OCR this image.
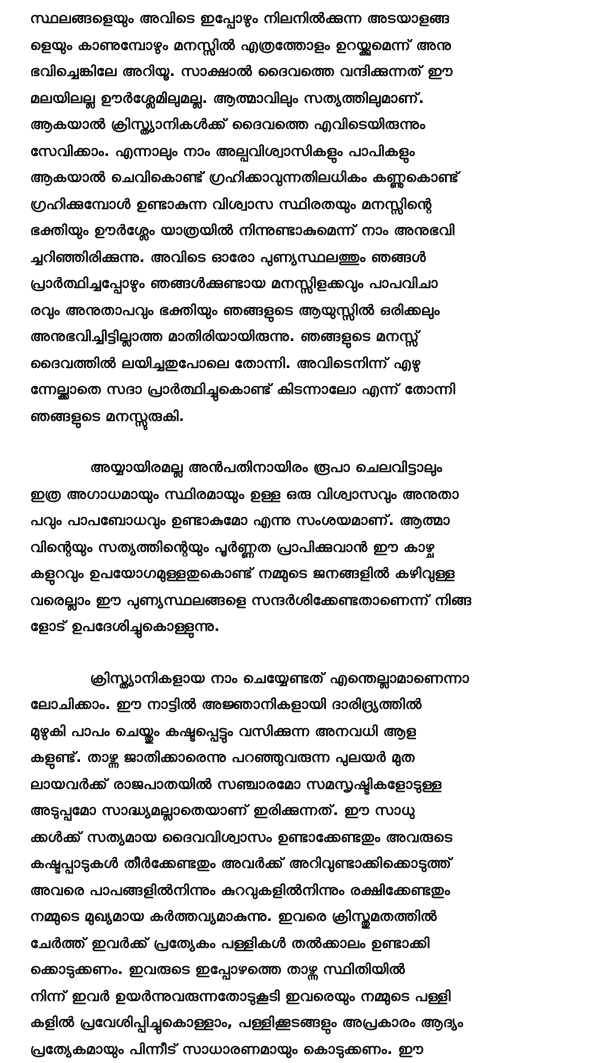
സ്ഥലങ്ങളെയും അവിടെ ഇപ്പോഴും നിലനിൽക്കുന്ന അടയാളങ്ങ
ളെയും കാണുമ്പോഴും മനസ്സിൽ എത്രത്തോളം ഉറയ്ക്കുമെന്ന് അനു
ഭവിച്ചെങ്കിലേ അറിയൂ. സാക്ഷാൽ ദൈവത്തെ വന്ദിക്കുന്നത് ഈ
മലയിലല്ല ഊർശ്ലേമിലുമല്ല. ആത്മാവിലും സത്യത്തിലുമാണ്.
ആകയാൽ ക്രിസ്ത്യാനികൾക്ക് ദൈവത്തെ എവിടെയിരുന്നും
സേവിക്കാം. എന്നാലും നാം അല്പവിശ്വാസികളും പാപികളും
ആകയാൽ ചെവികൊണ്ട് ഗ്രഹിക്കാവുന്നതിലധികം കണ്ണുകൊണ്ട്
ഗ്രഹിക്കുമ്പോൾ ഉണ്ടാകുന്ന വിശ്വാസ സ്ഥിരതയും മനസ്സിന്റെ
ഭക്തിയും ഊർശ്ലേം യാത്രയിൽ നിന്നുണ്ടാകുമെന്ന് നാം അനുഭവി
ച്ചറിഞ്ഞിരിക്കുന്നു. അവിടെ ഓരോ പുണ്യസ്ഥലത്തും ഞങ്ങൾ
പ്രാർത്ഥിച്ചപ്പോഴും ഞങ്ങൾക്കുണ്ടായ മനസ്സിളക്കവും പാപവിചാ
രവും അനുതാപവും ഭക്തിയും ഞങ്ങളുടെ ആയുസ്സിൽ ഒരിക്കലും
അനുഭവിച്ചിട്ടില്ലാത്ത മാതിരിയായിരുന്നു. ഞങ്ങളുടെ മനസ്സ്
ദൈവത്തിൽ ലയിച്ചതുപോലെ തോന്നി. അവിടെനിന്ന് എഴു
ന്നേല്ക്കാതെ സദാ പ്രാർത്ഥിച്ചുകൊണ്ട് കിടന്നാലോ എന്ന് തോന്നി
ഞങ്ങളുടെ മനസ്സുരുകി.
അയ്യായിരമല്ല അൻപതിനായിരം രൂപാ ചെലവിട്ടാലും
ഇത്ര അഗാധമായും സ്ഥിരമായും ഉള്ള ഒരു വിശ്വാസവും അനുതാ
പവും പാപബോധവും ഉണ്ടാകുമോ എന്നു സംശയമാണ്. ആത്മാ
വിന്റെയും സത്യത്തിന്റെയും പൂർണ്ണത പ്രാപിക്കുവാൻ ഈ കാഴ്ച
കളുറവും ഉപയോഗമുള്ളതുകൊണ്ട് നമ്മുടെ ജനങ്ങളിൽ കഴിവുള്ള
വരെല്ലാം ഈ പുണ്യസ്ഥലങ്ങളെ സന്ദർശിക്കേണ്ടതാണെന്ന് നിങ്ങ
ളോട് ഉപദേശിച്ചുകൊള്ളുന്നു.
ക്രിസ്ത്യാനികളായ നാം ചെയ്യേണ്ടത് എന്തെല്ലാമാണെന്നാ
ലോചിക്കാം. ഈ നാട്ടിൽ അജ്ഞാനികളായി ദാരിദ്ര്യത്തിൽ
മുഴുകി പാപം ചെയ്തും കഷ്ടപ്പെട്ടും വസിക്കുന്ന അനവധി ആള
കളുണ്ട്. താഴ്ന്ന ജാതിക്കാരെന്നു പറഞ്ഞുവരുന്ന പുലയർ മുത
ലായവർക്ക് രാജപാതയിൽ സഞ്ചാരമോ സമസൃഷ്ടികളോടുള്ള
അടുപ്പമോ സാദ്ധ്യമല്ലാതെയാണ് ഇരിക്കുന്നത്. ഈ സാധു
ക്കൾക്ക് സത്യമായ ദൈവവിശ്വാസം ഉണ്ടാക്കേണ്ടതും അവരുടെ
കഷ്ടപ്പാടുകൾ തീർക്കേണ്ടതും അവർക്ക് അറിവുണ്ടാക്കിക്കൊടുത്ത്
അവരെ പാപങ്ങളിൽനിന്നും കുറവുകളിൽനിന്നും രക്ഷിക്കേണ്ടതും
നമ്മുടെ മുഖ്യമായ കർത്തവ്യമാകുന്നു. ഇവരെ ക്രിസ്തുമതത്തിൽ
ചേർത്ത് ഇവർക്ക് പ്രത്യേകം പള്ളികൾ തൽക്കാലം ഉണ്ടാക്കി
ക്കൊടുക്കണം. ഇവരുടെ ഇപ്പോഴത്തെ താഴ്ന്ന സ്ഥിതിയിൽ
നിന്ന് ഇവർ ഉയർന്നുവരുന്നതോടുകൂടി ഇവരെയും നമ്മുടെ പള്ളി
കളിൽ പ്രവേശിപ്പിച്ചുകൊള്ളാം, പള്ളിക്കൂടങ്ങളും അപ്രകാരം ആദ്യം
പ്രത്യേകമായും പിന്നീട് സാധാരണമായും കൊടുക്കണം. ഈ
